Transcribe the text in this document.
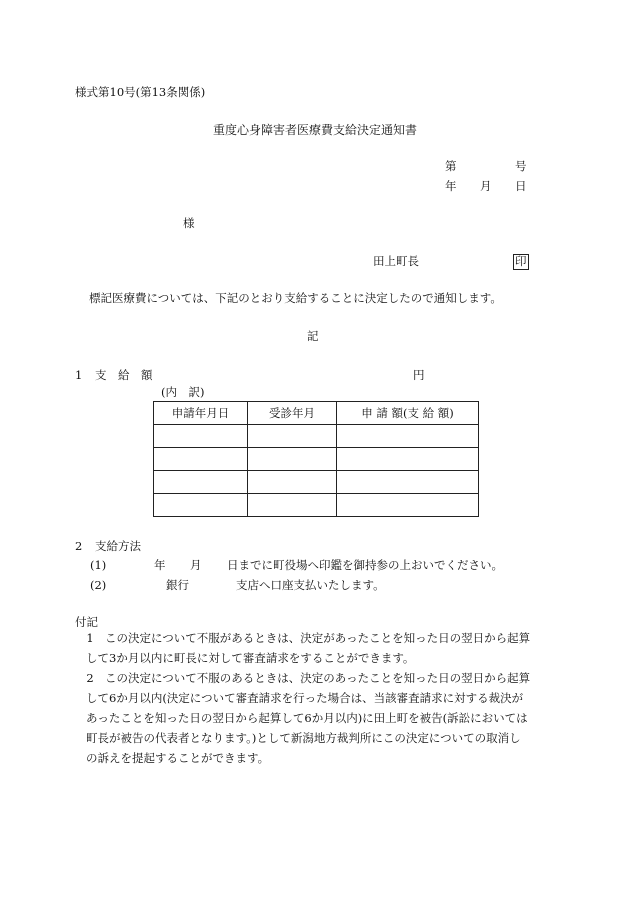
様式第10号(第13条関係)
重度心身障害者医療費支給決定通知書
第	号
年 月 日
様
田上町長	印
標記医療費については、下記のとおり支給することに決定したので通知します。
記
1 支　給　額	円
(内　訳)
申請年月日	受診年月	申 請 額(支 給 額)

2 支給方法
(1)	年 月 日までに町役場へ印鑑を御持参の上おいでください。
(2)	銀行	支店へ口座支払いたします。
付記
1 この決定について不服があるときは、決定があったことを知った日の翌日から起算
して3か月以内に町長に対して審査請求をすることができます。
2 この決定について不服のあるときは、決定のあったことを知った日の翌日から起算
して6か月以内(決定について審査請求を行った場合は、当該審査請求に対する裁決が
あったことを知った日の翌日から起算して6か月以内)に田上町を被告(訴訟においては
町長が被告の代表者となります。)として新潟地方裁判所にこの決定についての取消し
の訴えを提起することができます。
